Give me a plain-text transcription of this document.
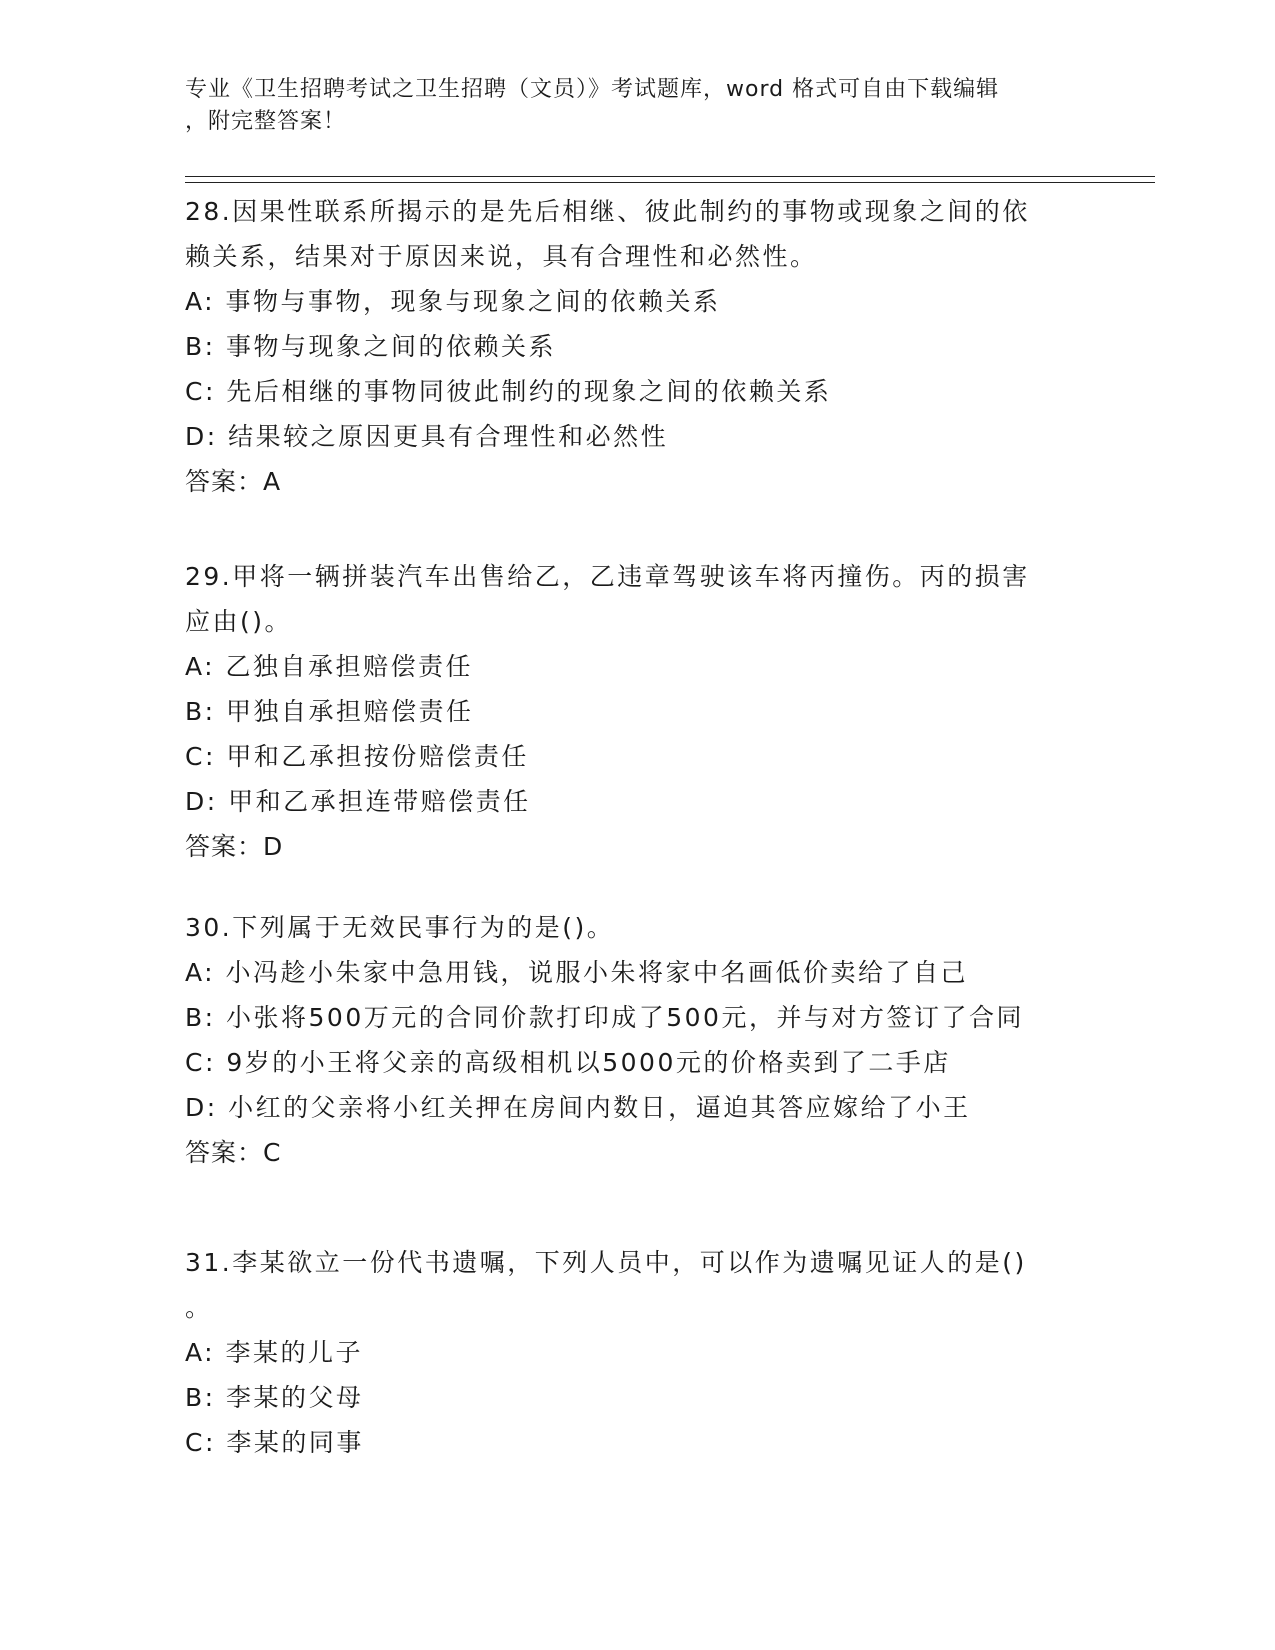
专业《卫生招聘考试之卫生招聘（文员）》考试题库，word 格式可自由下载编辑
，附完整答案！
28.因果性联系所揭示的是先后相继、彼此制约的事物或现象之间的依
赖关系，结果对于原因来说，具有合理性和必然性。
A: 事物与事物，现象与现象之间的依赖关系
B: 事物与现象之间的依赖关系
C: 先后相继的事物同彼此制约的现象之间的依赖关系
D: 结果较之原因更具有合理性和必然性
答案：A
29.甲将一辆拼装汽车出售给乙，乙违章驾驶该车将丙撞伤。丙的损害
应由()。
A: 乙独自承担赔偿责任
B: 甲独自承担赔偿责任
C: 甲和乙承担按份赔偿责任
D: 甲和乙承担连带赔偿责任
答案：D
30.下列属于无效民事行为的是()。
A: 小冯趁小朱家中急用钱，说服小朱将家中名画低价卖给了自己
B: 小张将500万元的合同价款打印成了500元，并与对方签订了合同
C: 9岁的小王将父亲的高级相机以5000元的价格卖到了二手店
D: 小红的父亲将小红关押在房间内数日，逼迫其答应嫁给了小王
答案：C
31.李某欲立一份代书遗嘱，下列人员中，可以作为遗嘱见证人的是()
。
A: 李某的儿子
B: 李某的父母
C: 李某的同事
